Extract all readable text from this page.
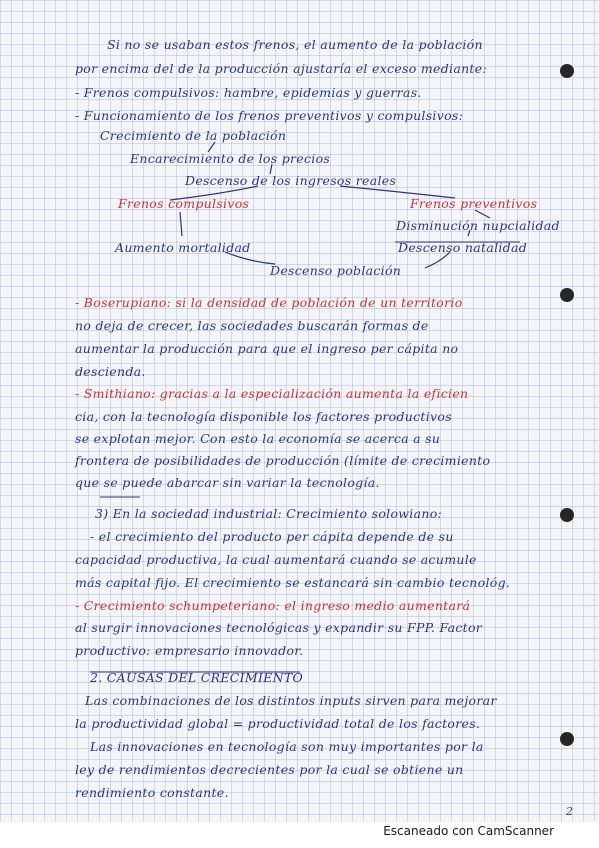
Si no se usaban estos frenos, el aumento de la población
por encima del de la producción ajustaría el exceso mediante:
- Frenos compulsivos: hambre, epidemias y guerras.
- Funcionamiento de los frenos preventivos y compulsivos:
Crecimiento de la población
Encarecimiento de los precios
Descenso de los ingresos reales
Frenos compulsivos	Frenos preventivos
Disminución nupcialidad
Aumento mortalidad	Descenso natalidad
Descenso población
- Boserupiano: si la densidad de población de un territorio
no deja de crecer, las sociedades buscarán formas de
aumentar la producción para que el ingreso per cápita no
descienda.
- Smithiano: gracias a la especialización aumenta la eficien
cia, con la tecnología disponible los factores productivos
se explotan mejor. Con esto la economía se acerca a su
frontera de posibilidades de producción (límite de crecimiento
que se puede abarcar sin variar la tecnología.
3) En la sociedad industrial: Crecimiento solowiano:
- el crecimiento del producto per cápita depende de su
capacidad productiva, la cual aumentará cuando se acumule
más capital fijo. El crecimiento se estancará sin cambio tecnológ.
- Crecimiento schumpeteriano: el ingreso medio aumentará
al surgir innovaciones tecnológicas y expandir su FPP. Factor
productivo: empresario innovador.
2. CAUSAS DEL CRECIMIENTO
Las combinaciones de los distintos inputs sirven para mejorar
la productividad global = productividad total de los factores.
Las innovaciones en tecnología son muy importantes por la
ley de rendimientos decrecientes por la cual se obtiene un
rendimiento constante.
2
Escaneado con CamScanner
